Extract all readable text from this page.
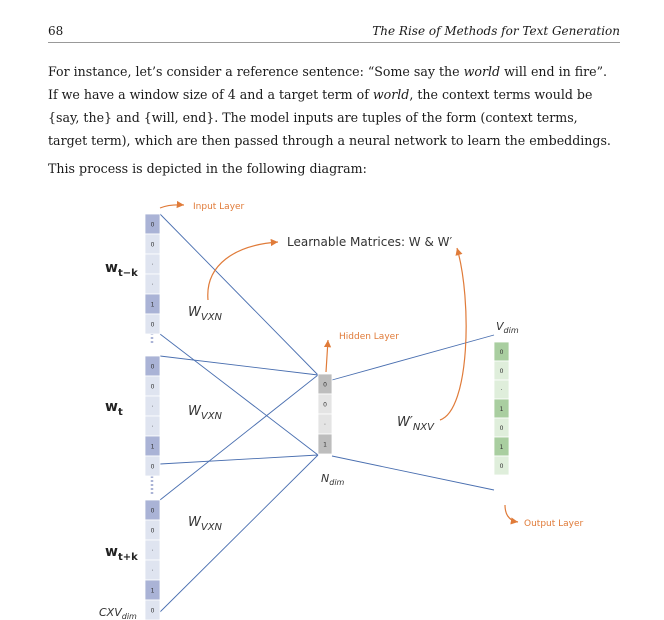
68	The Rise of Methods for Text Generation

For instance, let’s consider a reference sentence: “Some say the world will end in fire”. If we have a window size of 4 and a target term of world, the context terms would be {say, the} and {will, end}. The model inputs are tuples of the form (context terms, target term), which are then passed through a neural network to learn the embeddings.

This process is depicted in the following diagram:

0
0
·
·
1
0
0
0
·
·
1
0
0
0
·
·
1
0
0
0
·
1
0
0
·
1
0
1
0
Input Layer
Learnable Matrices: W & W′
Hidden Layer
Output Layer
$W_{VXN}$
$W_{VXN}$
$W_{VXN}$
$W'_{NXV}$
$N_{dim}$
$V_{dim}$
$CXV_{dim}$
$w_{t-k}$
$w_t$
$w_{t+k}$
